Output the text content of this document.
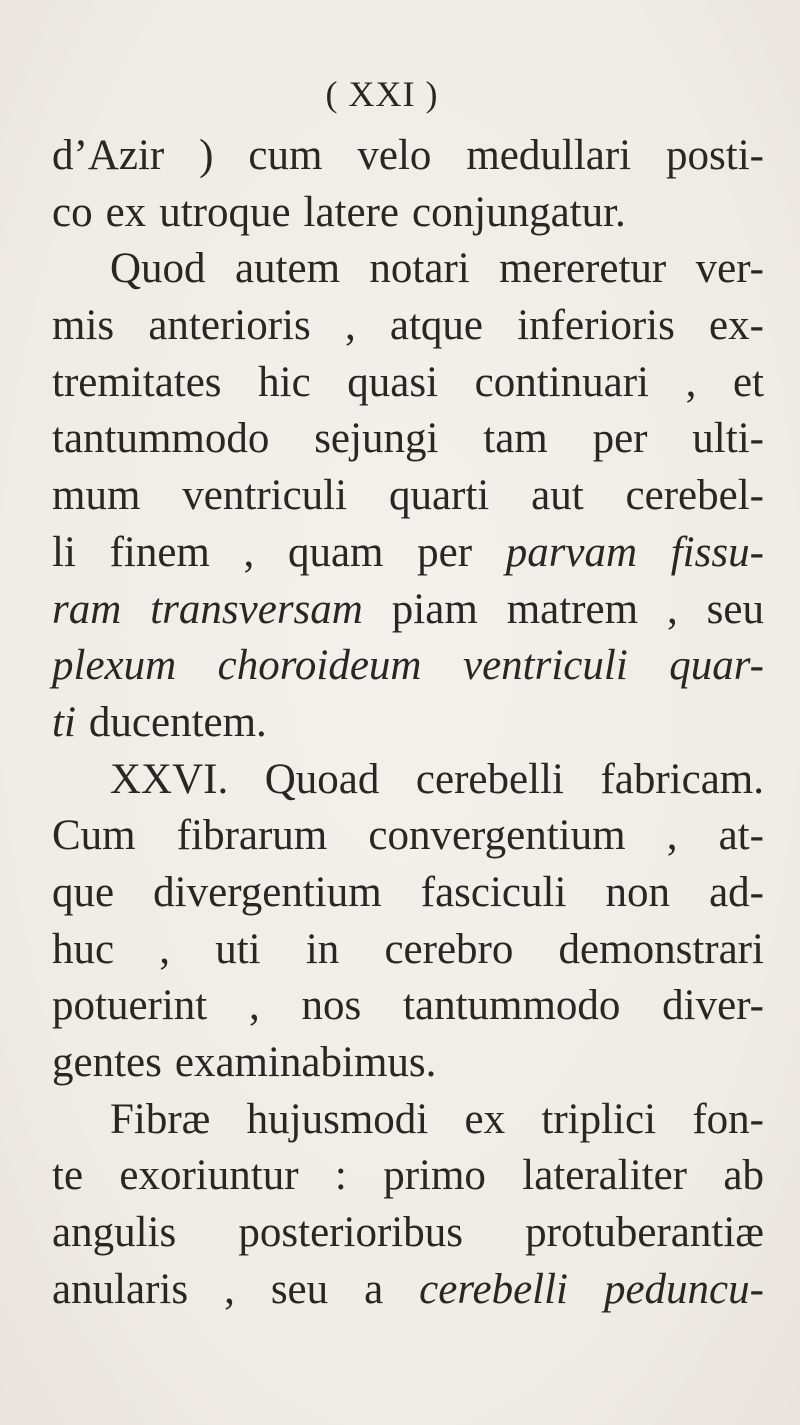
( XXI )
d’Azir ) cum velo medullari posti-
co ex utroque latere conjungatur.
Quod autem notari mereretur ver-
mis anterioris , atque inferioris ex-
tremitates hic quasi continuari , et
tantummodo sejungi tam per ulti-
mum ventriculi quarti aut cerebel-
li finem , quam per parvam fissu-
ram transversam piam matrem , seu
plexum choroideum ventriculi quar-
ti ducentem.
XXVI. Quoad cerebelli fabricam.
Cum fibrarum convergentium , at-
que divergentium fasciculi non ad-
huc , uti in cerebro demonstrari
potuerint , nos tantummodo diver-
gentes examinabimus.
Fibræ hujusmodi ex triplici fon-
te exoriuntur : primo lateraliter ab
angulis posterioribus protuberantiæ
anularis , seu a cerebelli peduncu-
